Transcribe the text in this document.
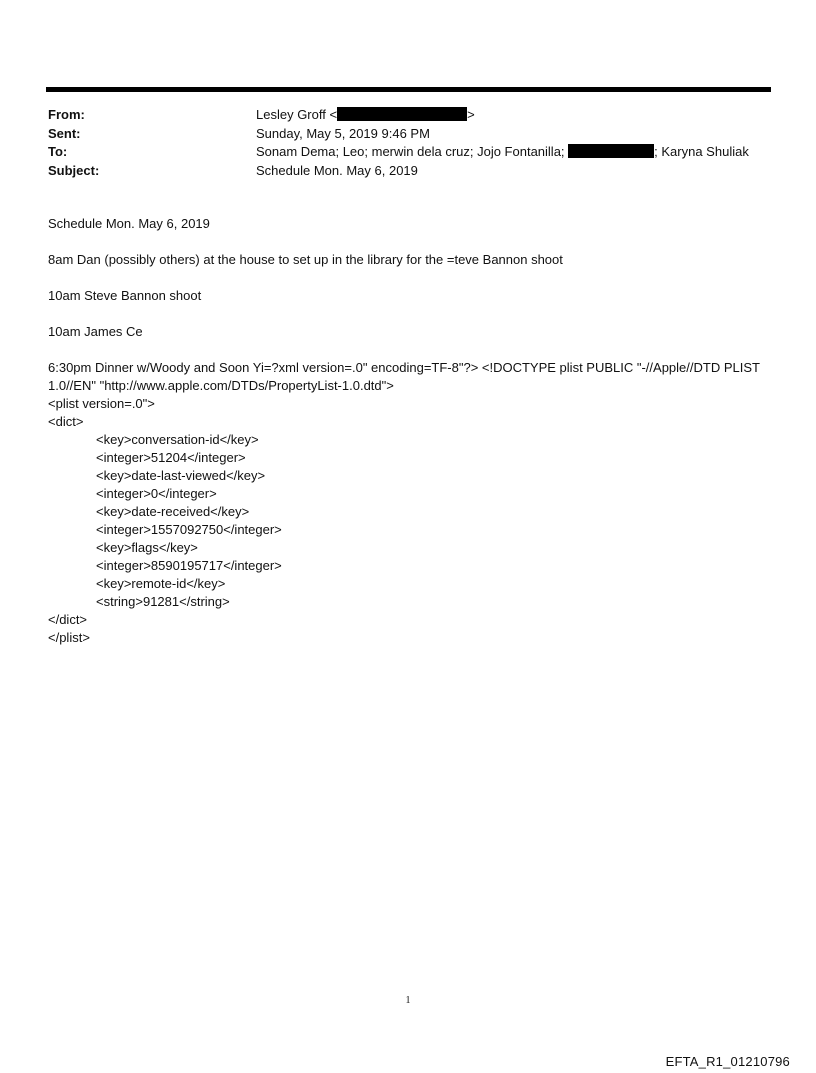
From:	Lesley Groff <	>
Sent:	Sunday, May 5, 2019 9:46 PM
To:	Sonam Dema; Leo; merwin dela cruz; Jojo Fontanilla;	; Karyna Shuliak
Subject:	Schedule Mon. May 6, 2019

Schedule Mon. May 6, 2019

8am Dan (possibly others) at the house to set up in the library for the =teve Bannon shoot

10am Steve Bannon shoot

10am James Ce

6:30pm Dinner w/Woody and Soon Yi=?xml version=.0" encoding=TF-8"?> <!DOCTYPE plist PUBLIC "-//Apple//DTD PLIST 1.0//EN" "http://www.apple.com/DTDs/PropertyList-1.0.dtd">

<plist version=.0">
<dict>
<key>conversation-id</key>
<integer>51204</integer>
<key>date-last-viewed</key>
<integer>0</integer>
<key>date-received</key>
<integer>1557092750</integer>
<key>flags</key>
<integer>8590195717</integer>
<key>remote-id</key>
<string>91281</string>
</dict>
</plist>
1
EFTA_R1_01210796
